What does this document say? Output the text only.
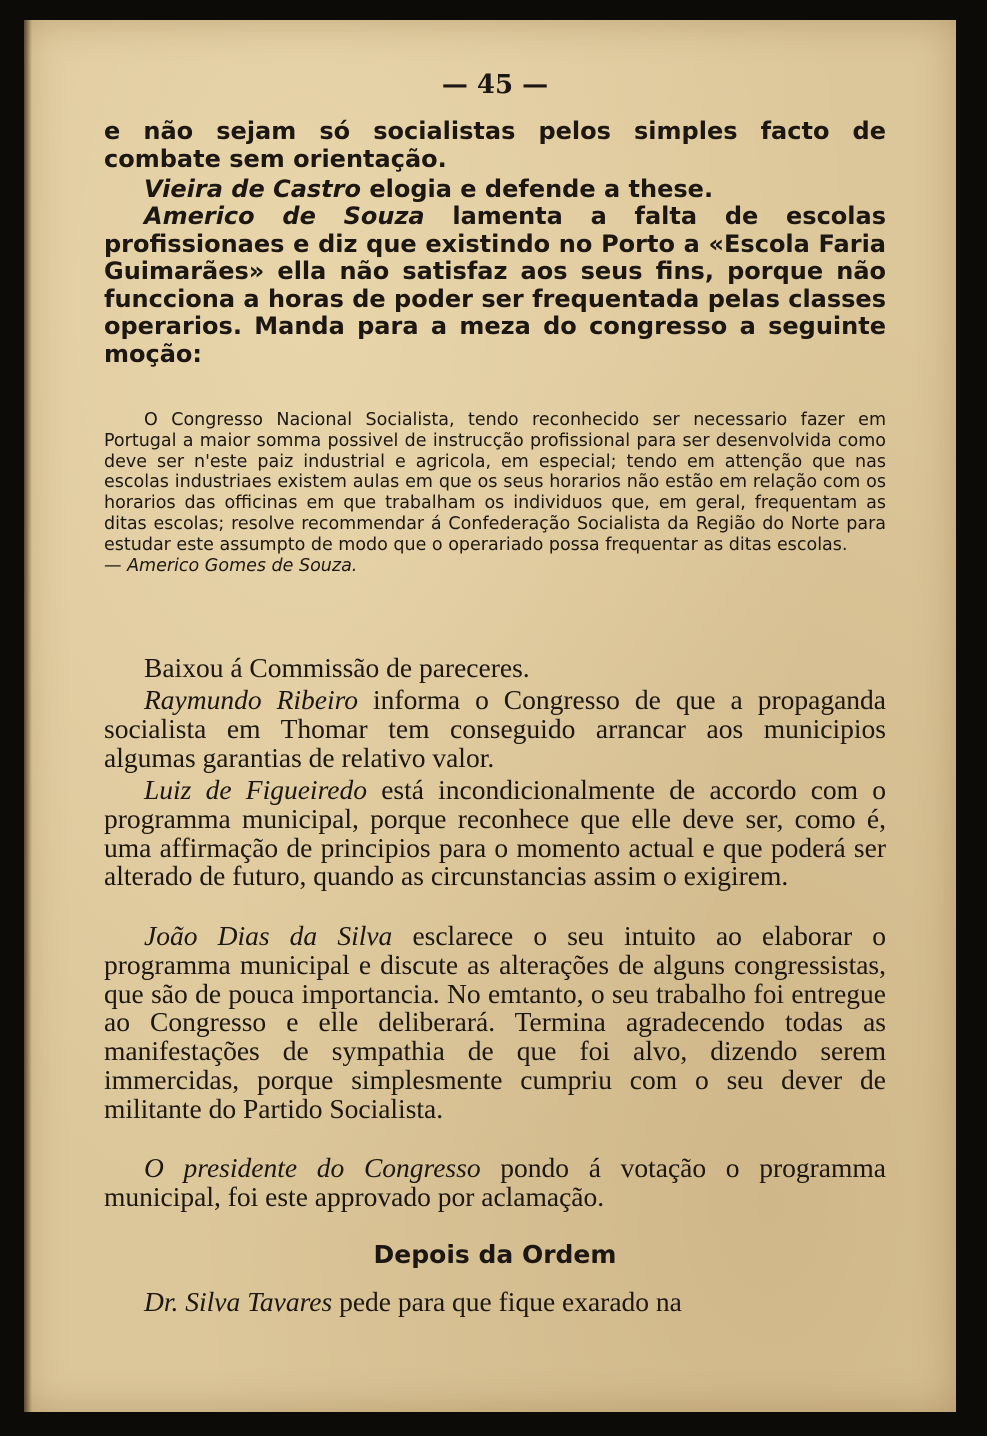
— 45 —
e não sejam só socialistas pelos simples facto de combate sem orientação.
Vieira de Castro elogia e defende a these.
Americo de Souza lamenta a falta de escolas profissionaes e diz que existindo no Porto a «Escola Faria Guimarães» ella não satisfaz aos seus fins, porque não funcciona a horas de poder ser frequentada pelas classes operarios. Manda para a meza do congresso a seguinte moção:
O Congresso Nacional Socialista, tendo reconhecido ser necessario fazer em Portugal a maior somma possivel de instrucção profissional para ser desenvolvida como deve ser n'este paiz industrial e agricola, em especial; tendo em attenção que nas escolas industriaes existem aulas em que os seus horarios não estão em relação com os horarios das officinas em que trabalham os individuos que, em geral, frequentam as ditas escolas; resolve recommendar á Confederação Socialista da Região do Norte para estudar este assumpto de modo que o operariado possa frequentar as ditas escolas.
— Americo Gomes de Souza.
Baixou á Commissão de pareceres.
Raymundo Ribeiro informa o Congresso de que a propaganda socialista em Thomar tem conseguido arrancar aos municipios algumas garantias de relativo valor.
Luiz de Figueiredo está incondicionalmente de accordo com o programma municipal, porque reconhece que elle deve ser, como é, uma affirmação de principios para o momento actual e que poderá ser alterado de futuro, quando as circunstancias assim o exigirem.
João Dias da Silva esclarece o seu intuito ao elaborar o programma municipal e discute as alterações de alguns congressistas, que são de pouca importancia. No emtanto, o seu trabalho foi entregue ao Congresso e elle deliberará. Termina agradecendo todas as manifestações de sympathia de que foi alvo, dizendo serem immercidas, porque simplesmente cumpriu com o seu dever de militante do Partido Socialista.
O presidente do Congresso pondo á votação o programma municipal, foi este approvado por aclamação.
Depois da Ordem
Dr. Silva Tavares pede para que fique exarado na
